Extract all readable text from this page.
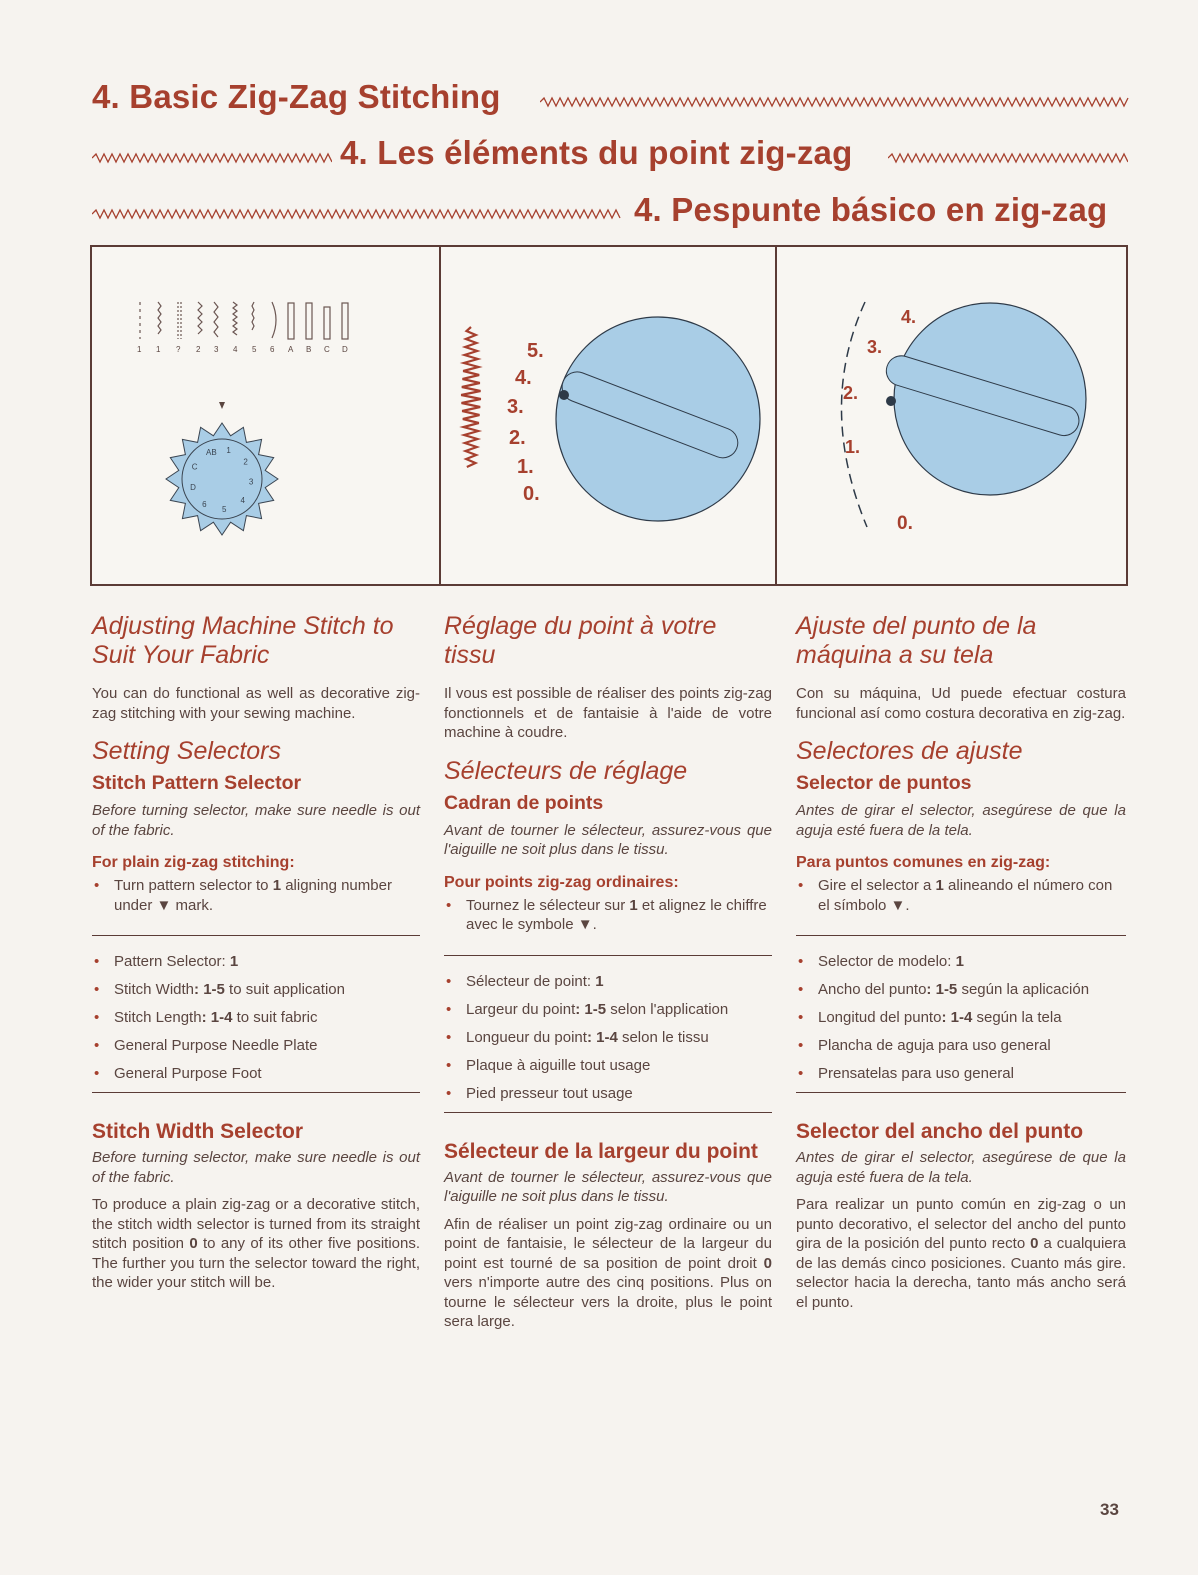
4. Basic Zig-Zag Stitching
4. Les éléments du point zig-zag
4. Pespunte básico en zig-zag
1 1 ? 2 3 4 5 6 A B C D
1
2
3
4
5
6
D
C
AB
5.
4.
3.
2.
1.
0.
4.
3.
2.
1.
0.
Adjusting Machine Stitch to Suit Your Fabric

You can do functional as well as decorative zig-zag stitching with your sewing machine.

Setting Selectors
Stitch Pattern Selector

Before turning selector, make sure needle is out of the fabric.

For plain zig-zag stitching:

• Turn pattern selector to 1 aligning number under ▼ mark.

• Pattern Selector: 1
• Stitch Width: 1-5 to suit application
• Stitch Length: 1-4 to suit fabric
• General Purpose Needle Plate
• General Purpose Foot
Stitch Width Selector

Before turning selector, make sure needle is out of the fabric.

To produce a plain zig-zag or a decorative stitch, the stitch width selector is turned from its straight stitch position 0 to any of its other five positions. The further you turn the selector toward the right, the wider your stitch will be.

Réglage du point à votre tissu

Il vous est possible de réaliser des points zig-zag fonctionnels et de fantaisie à l'aide de votre machine à coudre.

Sélecteurs de réglage
Cadran de points

Avant de tourner le sélecteur, assurez-vous que l'aiguille ne soit plus dans le tissu.

Pour points zig-zag ordinaires:

• Tournez le sélecteur sur 1 et alignez le chiffre avec le symbole ▼.

• Sélecteur de point: 1
• Largeur du point: 1-5 selon l'application
• Longueur du point: 1-4 selon le tissu
• Plaque à aiguille tout usage
• Pied presseur tout usage
Sélecteur de la largeur du point

Avant de tourner le sélecteur, assurez-vous que l'aiguille ne soit plus dans le tissu.

Afin de réaliser un point zig-zag ordinaire ou un point de fantaisie, le sélecteur de la largeur du point est tourné de sa position de point droit 0 vers n'importe autre des cinq positions. Plus on tourne le sélecteur vers la droite, plus le point sera large.

Ajuste del punto de la máquina a su tela

Con su máquina, Ud puede efectuar costura funcional así como costura decorativa en zig-zag.

Selectores de ajuste
Selector de puntos

Antes de girar el selector, asegúrese de que la aguja esté fuera de la tela.

Para puntos comunes en zig-zag:

• Gire el selector a 1 alineando el número con el símbolo ▼.

• Selector de modelo: 1
• Ancho del punto: 1-5 según la aplicación
• Longitud del punto: 1-4 según la tela
• Plancha de aguja para uso general
• Prensatelas para uso general
Selector del ancho del punto

Antes de girar el selector, asegúrese de que la aguja esté fuera de la tela.

Para realizar un punto común en zig-zag o un punto decorativo, el selector del ancho del punto gira de la posición del punto recto 0 a cualquiera de las demás cinco posiciones. Cuanto más gire. selector hacia la derecha, tanto más ancho será el punto.

33
